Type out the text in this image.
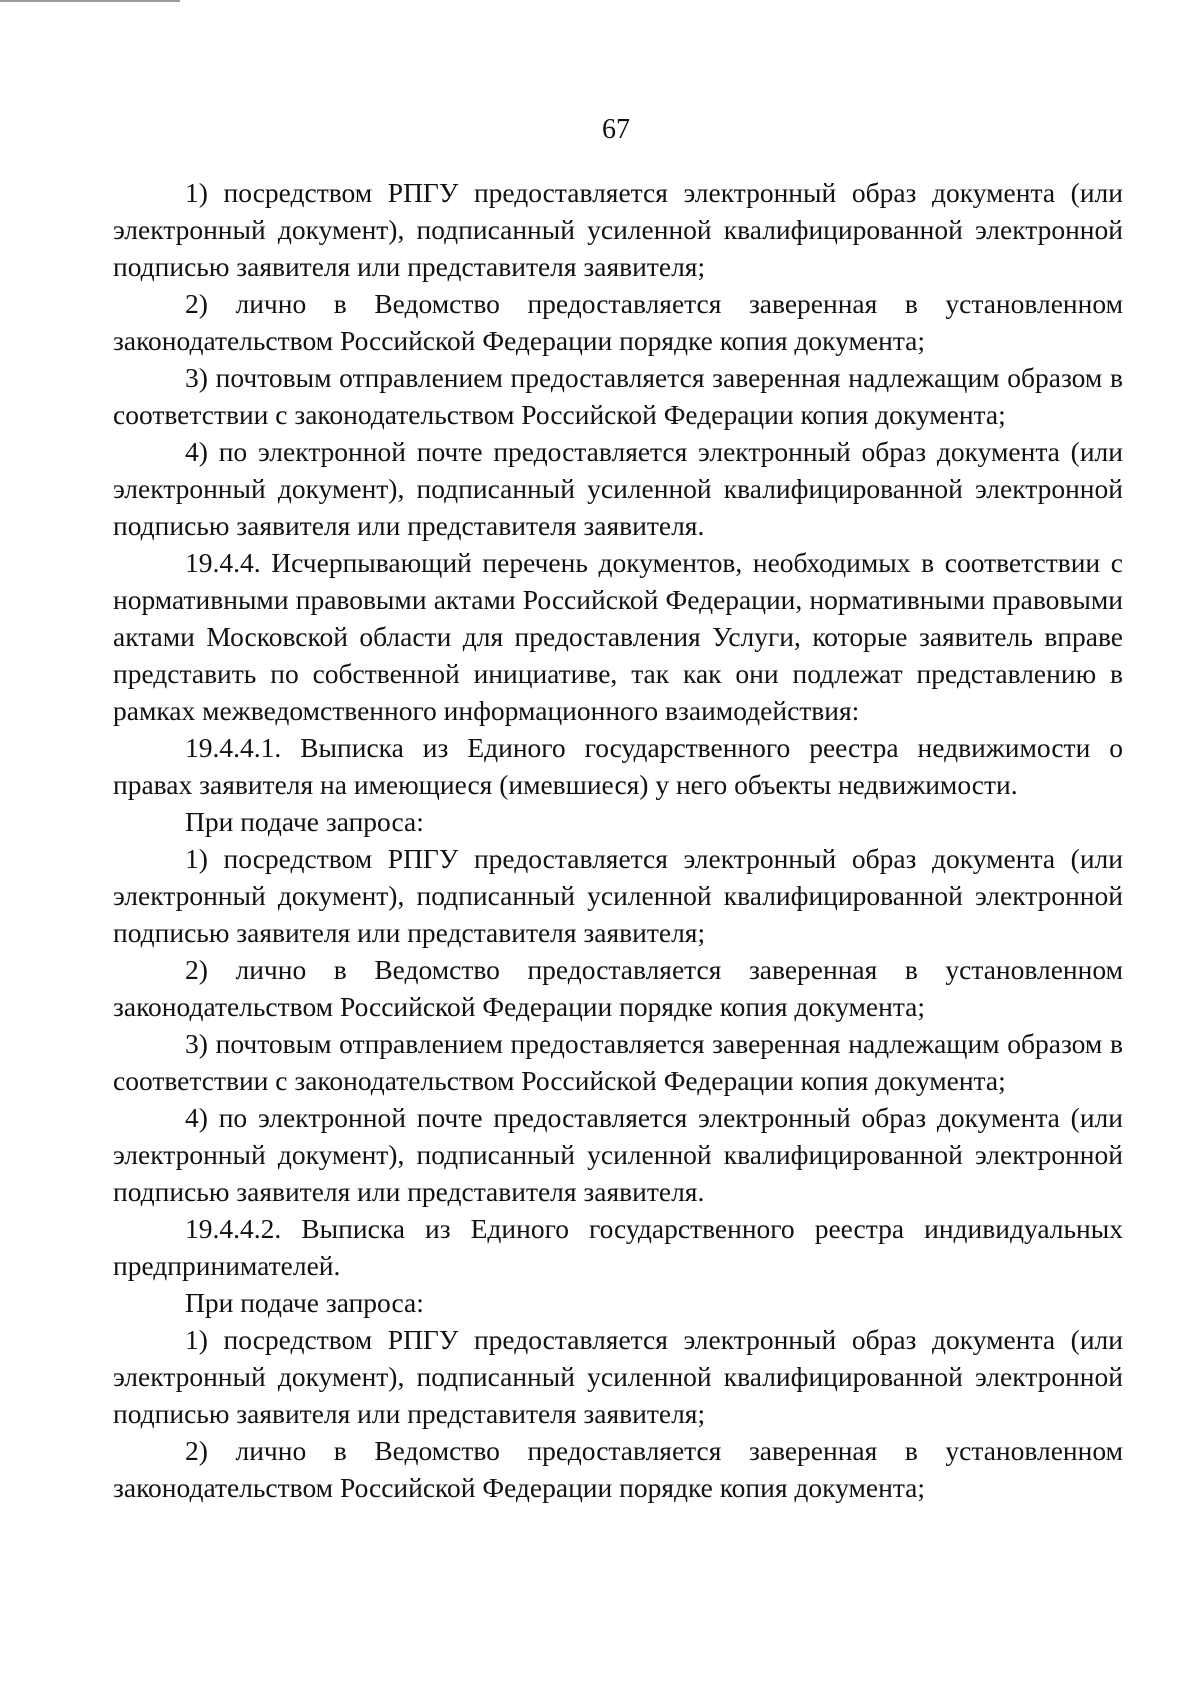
67

1) посредством РПГУ предоставляется электронный образ документа (или электронный документ), подписанный усиленной квалифицированной электронной подписью заявителя или представителя заявителя;

2) лично в Ведомство предоставляется заверенная в установленном законодательством Российской Федерации порядке копия документа;

3) почтовым отправлением предоставляется заверенная надлежащим образом в соответствии с законодательством Российской Федерации копия документа;

4) по электронной почте предоставляется электронный образ документа (или электронный документ), подписанный усиленной квалифицированной электронной подписью заявителя или представителя заявителя.

19.4.4. Исчерпывающий перечень документов, необходимых в соответствии с нормативными правовыми актами Российской Федерации, нормативными правовыми актами Московской области для предоставления Услуги, которые заявитель вправе представить по собственной инициативе, так как они подлежат представлению в рамках межведомственного информационного взаимодействия:

19.4.4.1. Выписка из Единого государственного реестра недвижимости о правах заявителя на имеющиеся (имевшиеся) у него объекты недвижимости.

При подаче запроса:

1) посредством РПГУ предоставляется электронный образ документа (или электронный документ), подписанный усиленной квалифицированной электронной подписью заявителя или представителя заявителя;

2) лично в Ведомство предоставляется заверенная в установленном законодательством Российской Федерации порядке копия документа;

3) почтовым отправлением предоставляется заверенная надлежащим образом в соответствии с законодательством Российской Федерации копия документа;

4) по электронной почте предоставляется электронный образ документа (или электронный документ), подписанный усиленной квалифицированной электронной подписью заявителя или представителя заявителя.

19.4.4.2. Выписка из Единого государственного реестра индивидуальных предпринимателей.

При подаче запроса:

1) посредством РПГУ предоставляется электронный образ документа (или электронный документ), подписанный усиленной квалифицированной электронной подписью заявителя или представителя заявителя;

2) лично в Ведомство предоставляется заверенная в установленном законодательством Российской Федерации порядке копия документа;
